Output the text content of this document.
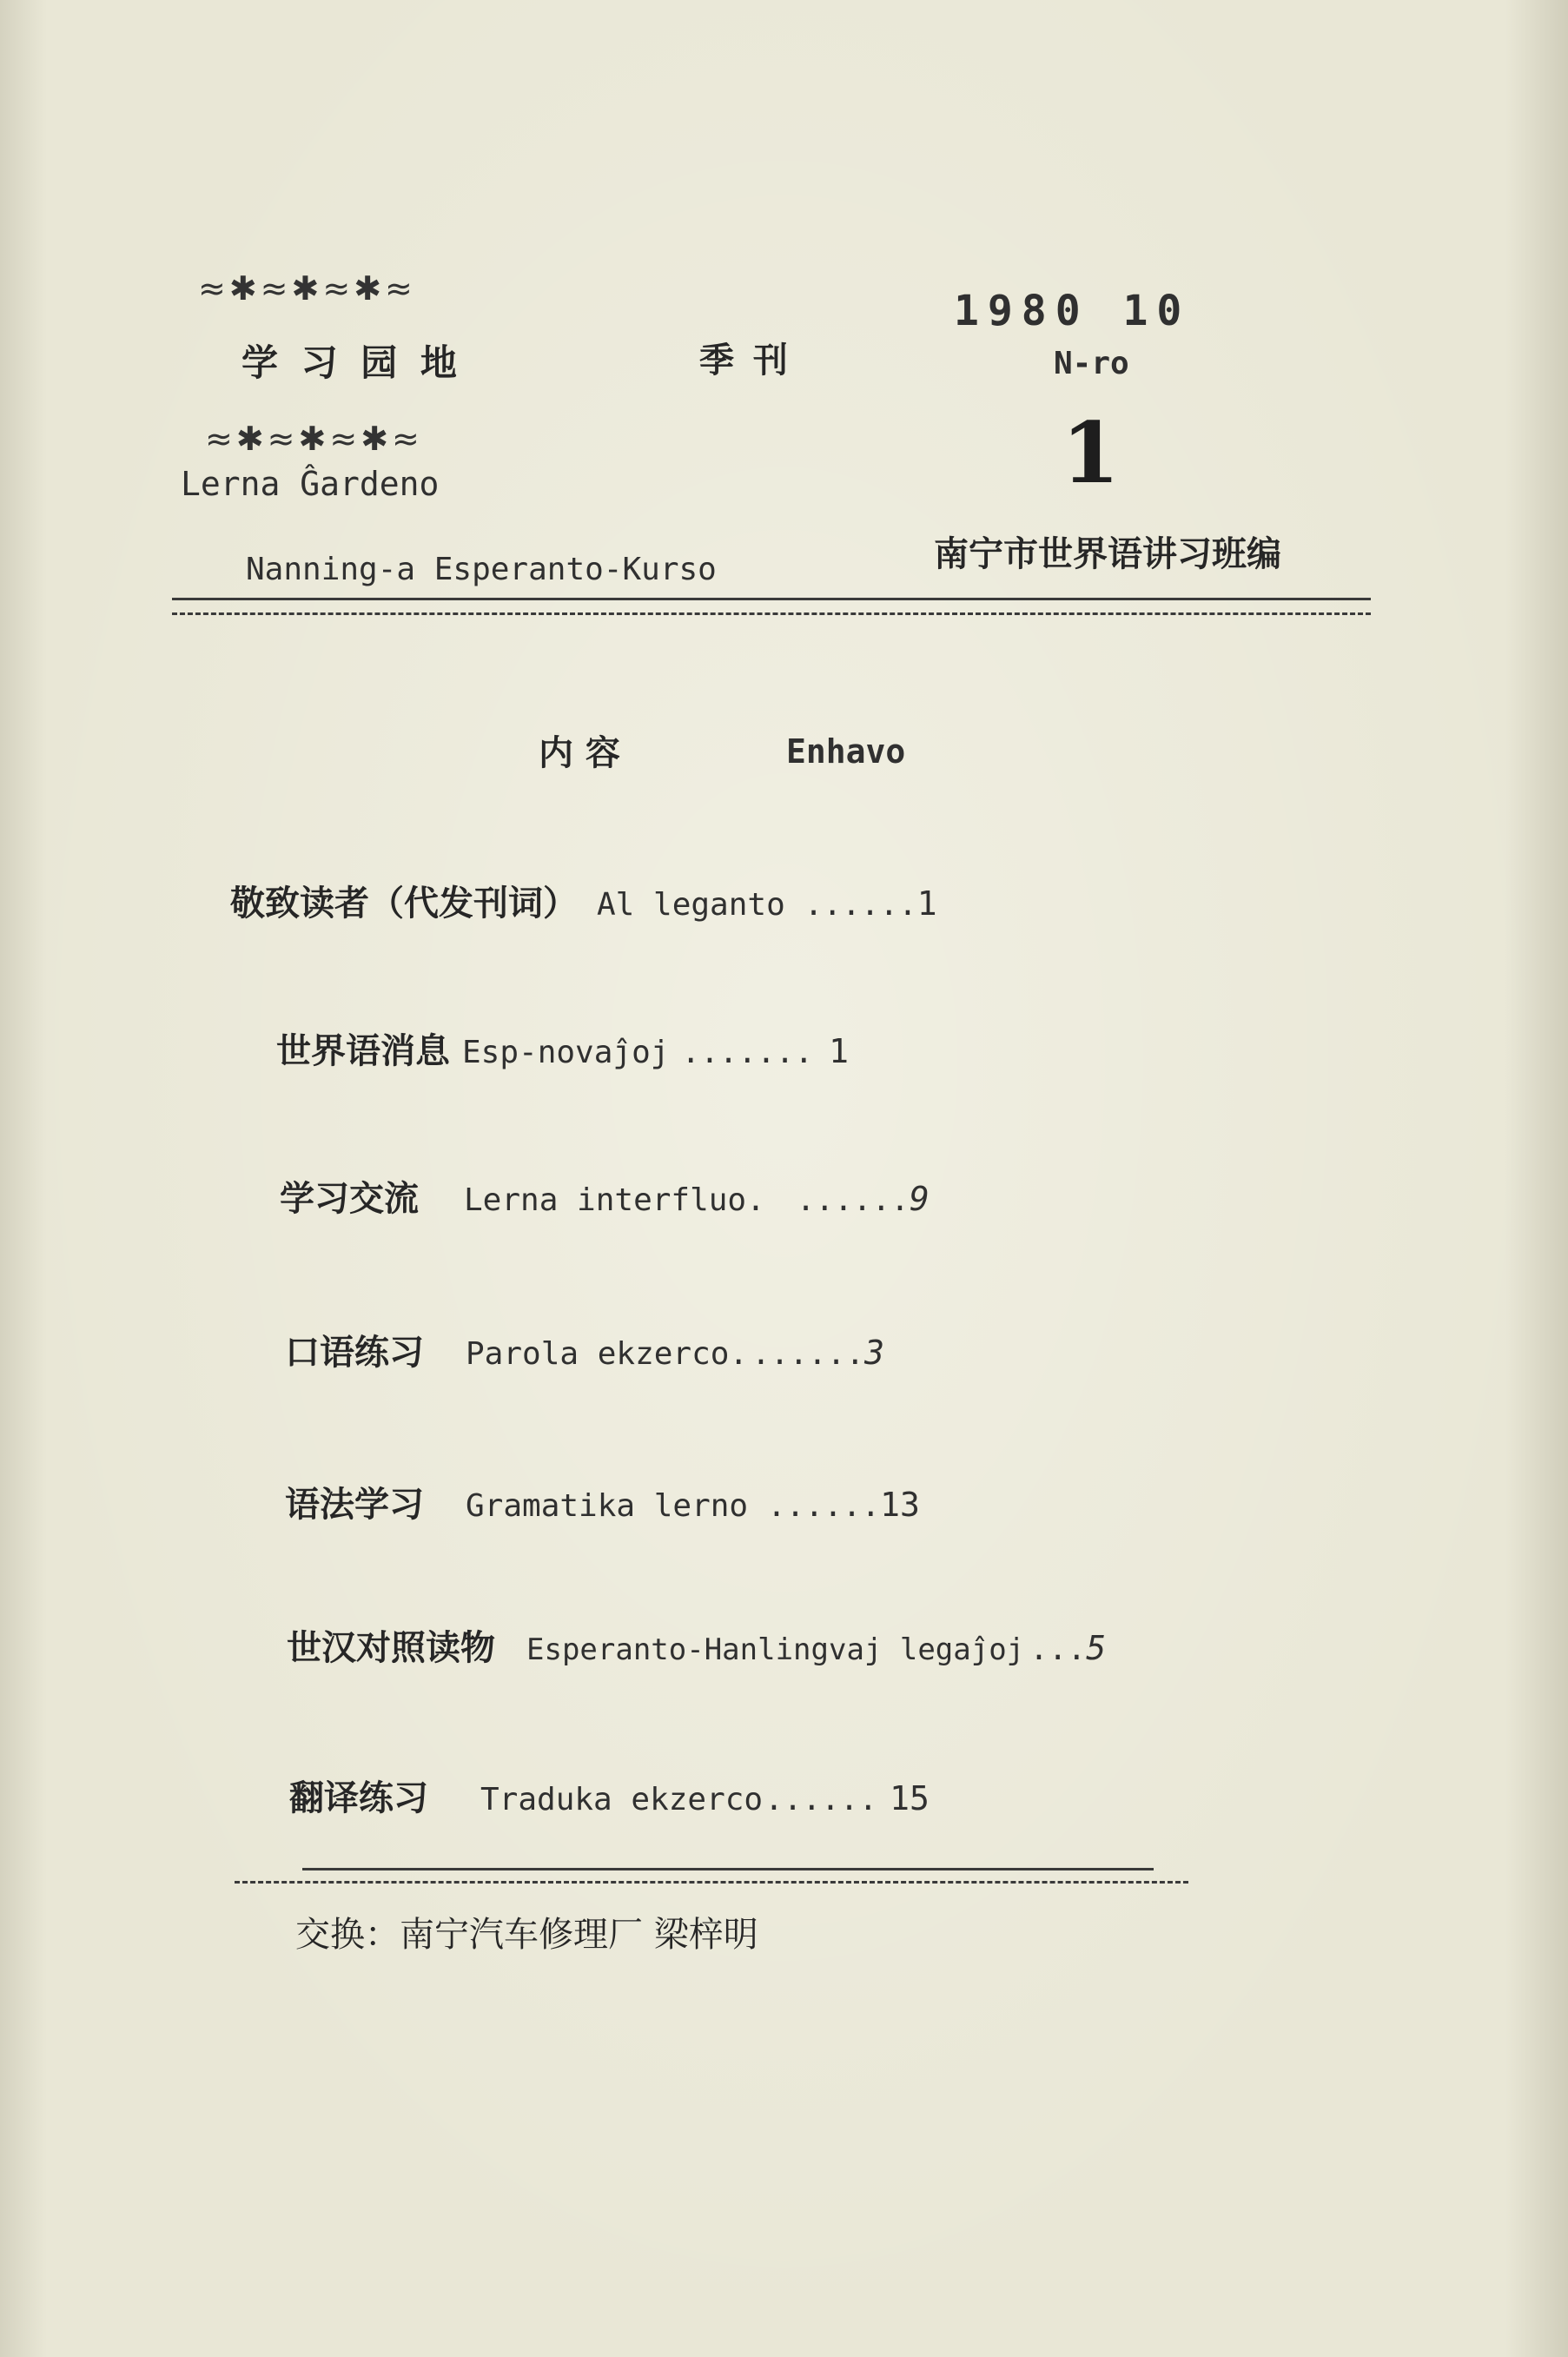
≈✱≈✱≈✱≈
学 习 园 地
≈✱≈✱≈✱≈
Lerna Ĝardeno
季 刊
1980 10
N-ro
1
Nanning-a Esperanto-Kurso	南宁市世界语讲习班编
内 容	Enhavo
敬致读者（代发刊词） Al leganto ...... 1
世界语消息 Esp-novaĵoj ....... 1
学习交流 Lerna interfluo. ...... 9
口语练习 Parola ekzerco. ...... 3
语法学习 Gramatika lerno ...... 13
世汉对照读物 Esperanto-Hanlingvaj legaĵoj ... 5
翻译练习 Traduka ekzerco ...... 15
交换：南宁汽车修理厂 梁梓明
